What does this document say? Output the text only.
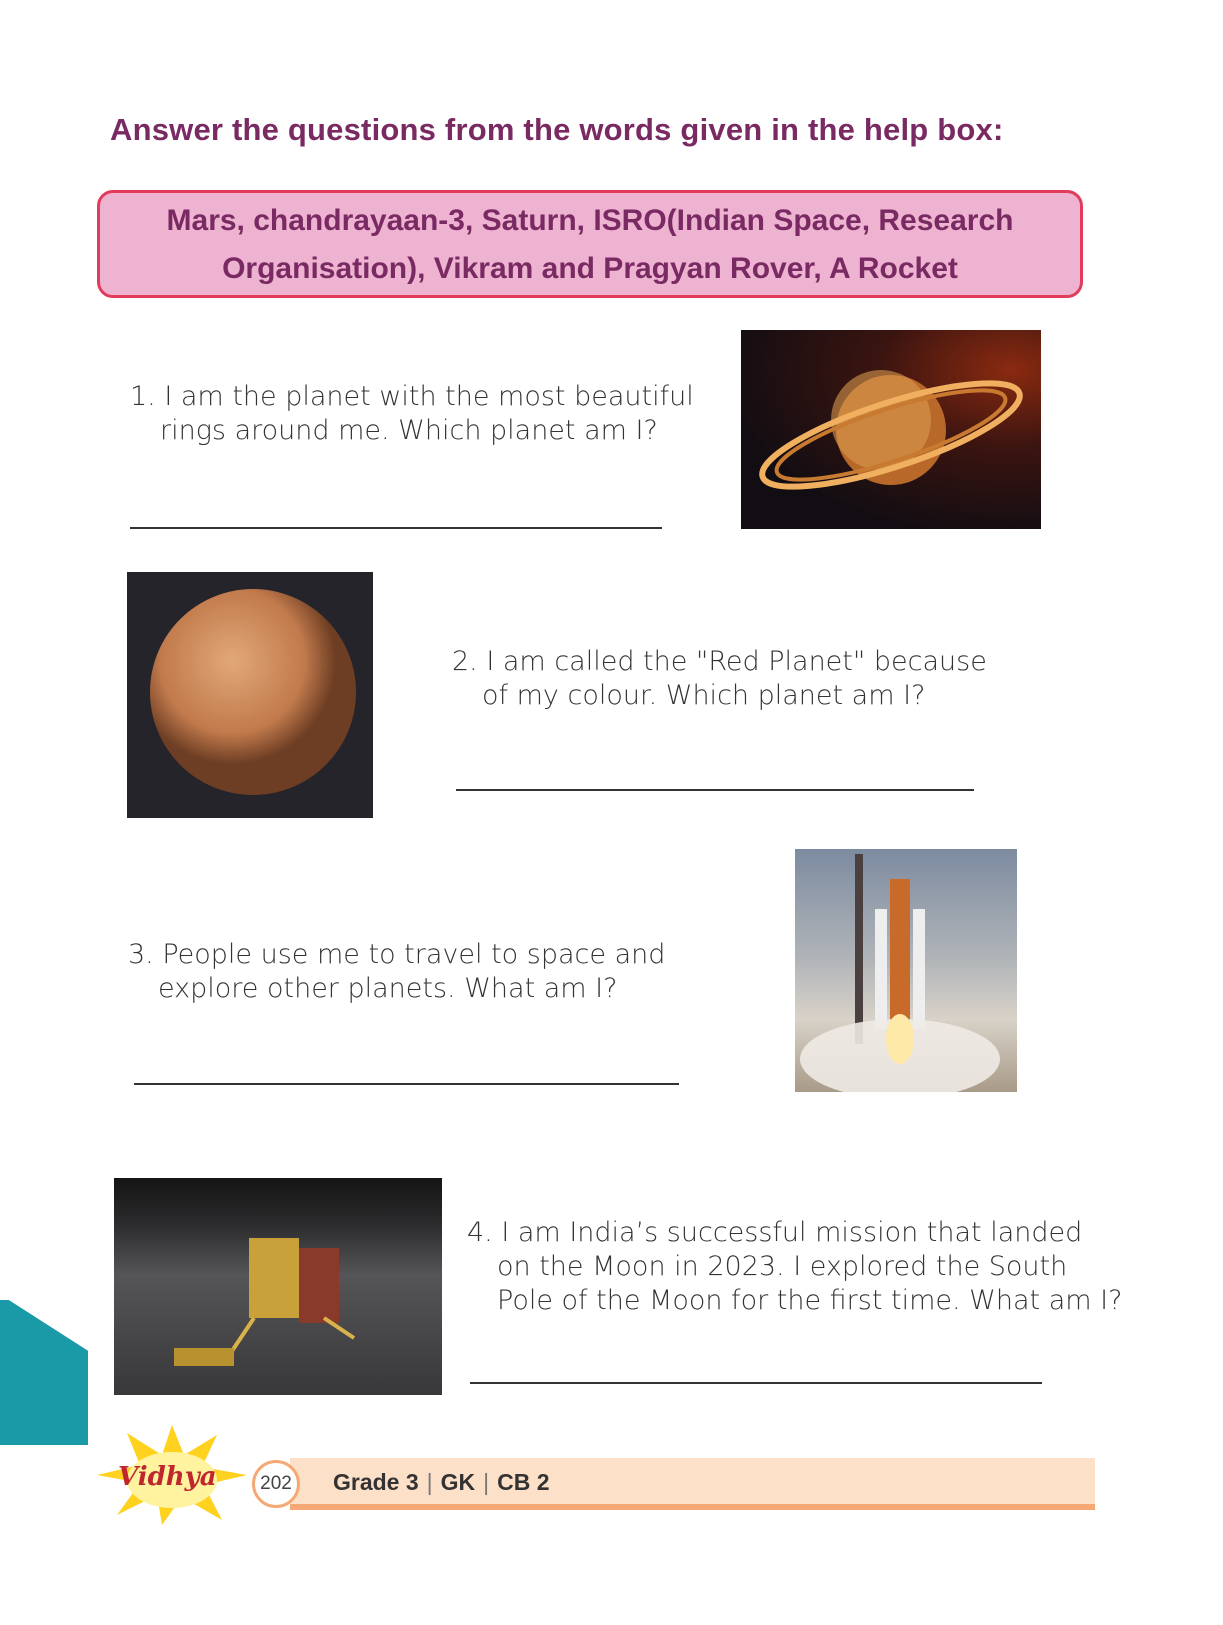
Answer the questions from the words given in the help box:
Mars, chandrayaan-3, Saturn, ISRO(Indian Space, Research
Organisation), Vikram and Pragyan Rover, A Rocket
1. I am the planet with the most beautiful
rings around me. Which planet am I?
2. I am called the "Red Planet" because
of my colour. Which planet am I?
3. People use me to travel to space and
explore other planets. What am I?
4. I am India’s successful mission that landed
on the Moon in 2023. I explored the South
Pole of the Moon for the first time. What am I?
Vidhya	202	Grade 3 | GK | CB 2
